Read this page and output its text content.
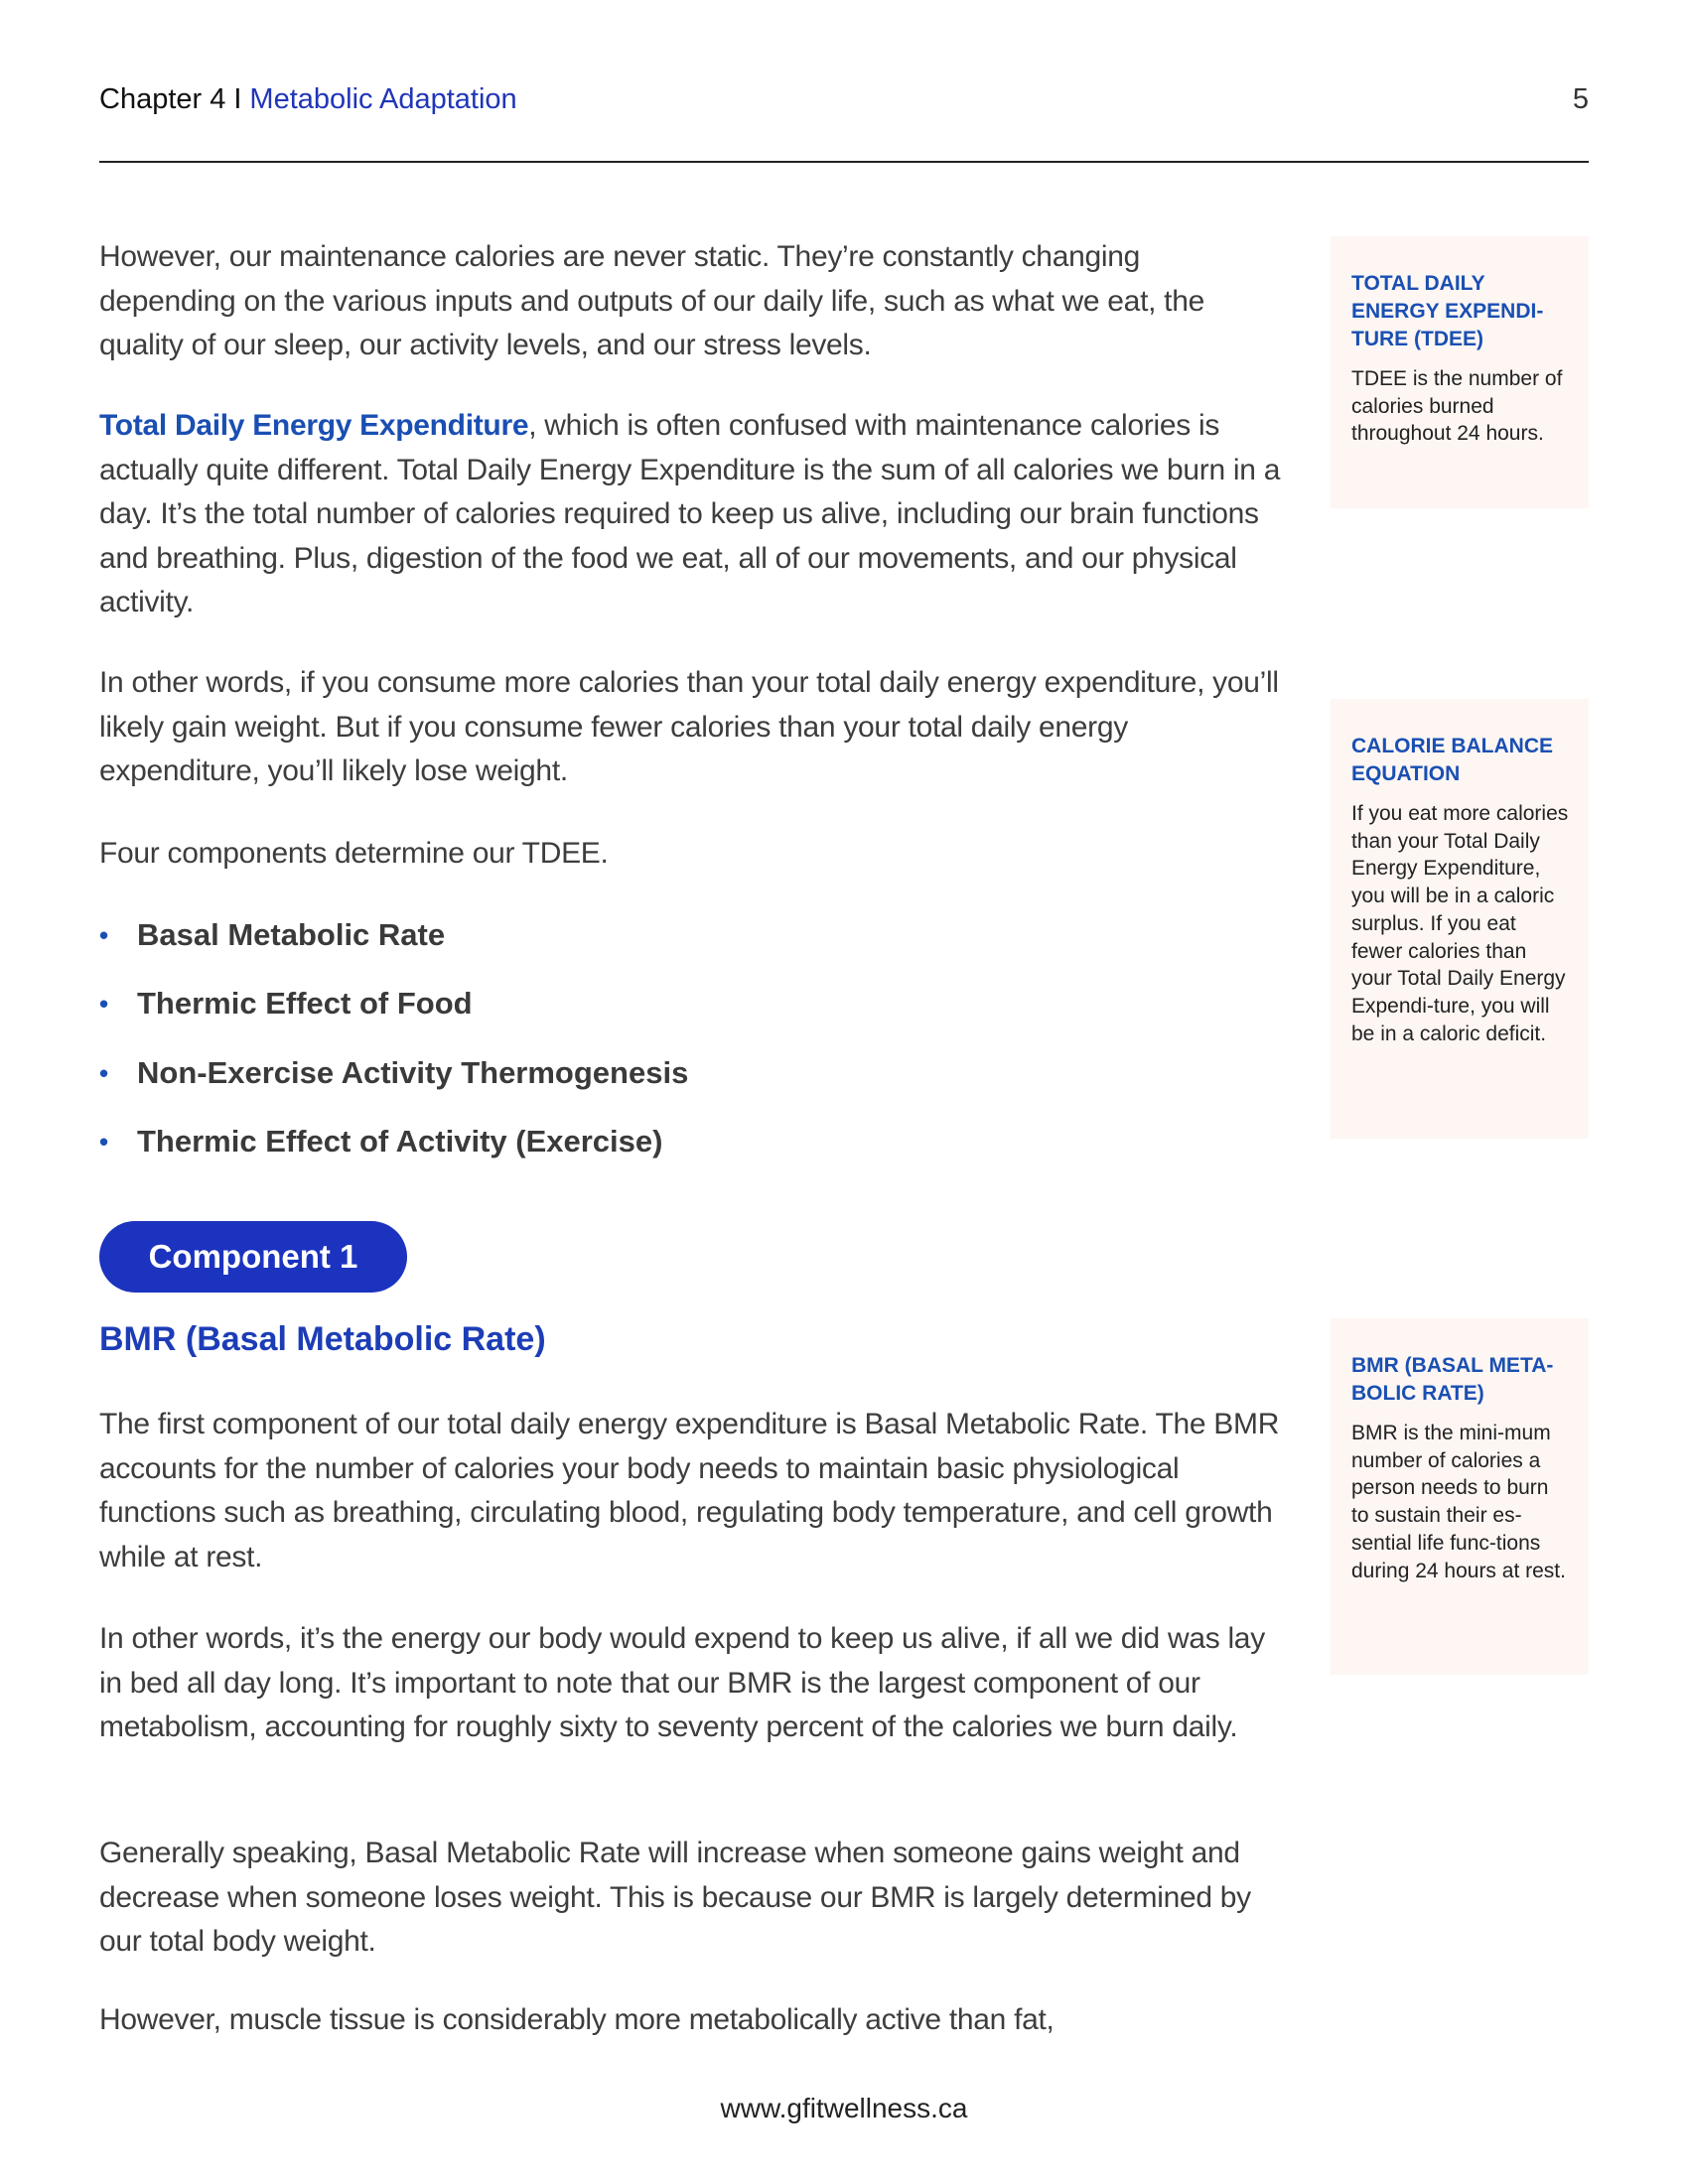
Chapter 4 I Metabolic Adaptation	5

However, our maintenance calories are never static. They’re constantly changing depending on the various inputs and outputs of our daily life, such as what we eat, the quality of our sleep, our activity levels, and our stress levels.

Total Daily Energy Expenditure, which is often confused with maintenance calories is actually quite different. Total Daily Energy Expenditure is the sum of all calories we burn in a day. It’s the total number of calories required to keep us alive, including our brain functions and breathing. Plus, digestion of the food we eat, all of our movements, and our physical activity.

In other words, if you consume more calories than your total daily energy expenditure, you’ll likely gain weight. But if you consume fewer calories than your total daily energy expenditure, you’ll likely lose weight.

Four components determine our TDEE.

• Basal Metabolic Rate
• Thermic Effect of Food
• Non-Exercise Activity Thermogenesis
• Thermic Effect of Activity (Exercise)
Component 1
BMR (Basal Metabolic Rate)

The first component of our total daily energy expenditure is Basal Metabolic Rate. The BMR accounts for the number of calories your body needs to maintain basic physiological functions such as breathing, circulating blood, regulating body temperature, and cell growth while at rest.

In other words, it’s the energy our body would expend to keep us alive, if all we did was lay in bed all day long. It’s important to note that our BMR is the largest component of our metabolism, accounting for roughly sixty to seventy percent of the calories we burn daily.

Generally speaking, Basal Metabolic Rate will increase when someone gains weight and decrease when someone loses weight. This is because our BMR is largely determined by our total body weight.

However, muscle tissue is considerably more metabolically active than fat,

TOTAL DAILY ENERGY EXPENDI-TURE (TDEE)

TDEE is the number of calories burned throughout 24 hours.

CALORIE BALANCE EQUATION

If you eat more calories than your Total Daily Energy Expenditure, you will be in a caloric surplus. If you eat fewer calories than your Total Daily Energy Expendi-ture, you will be in a caloric deficit.

BMR (BASAL META-BOLIC RATE)

BMR is the mini-mum number of calories a person needs to burn to sustain their es-sential life func-tions during 24 hours at rest.

www.gfitwellness.ca
